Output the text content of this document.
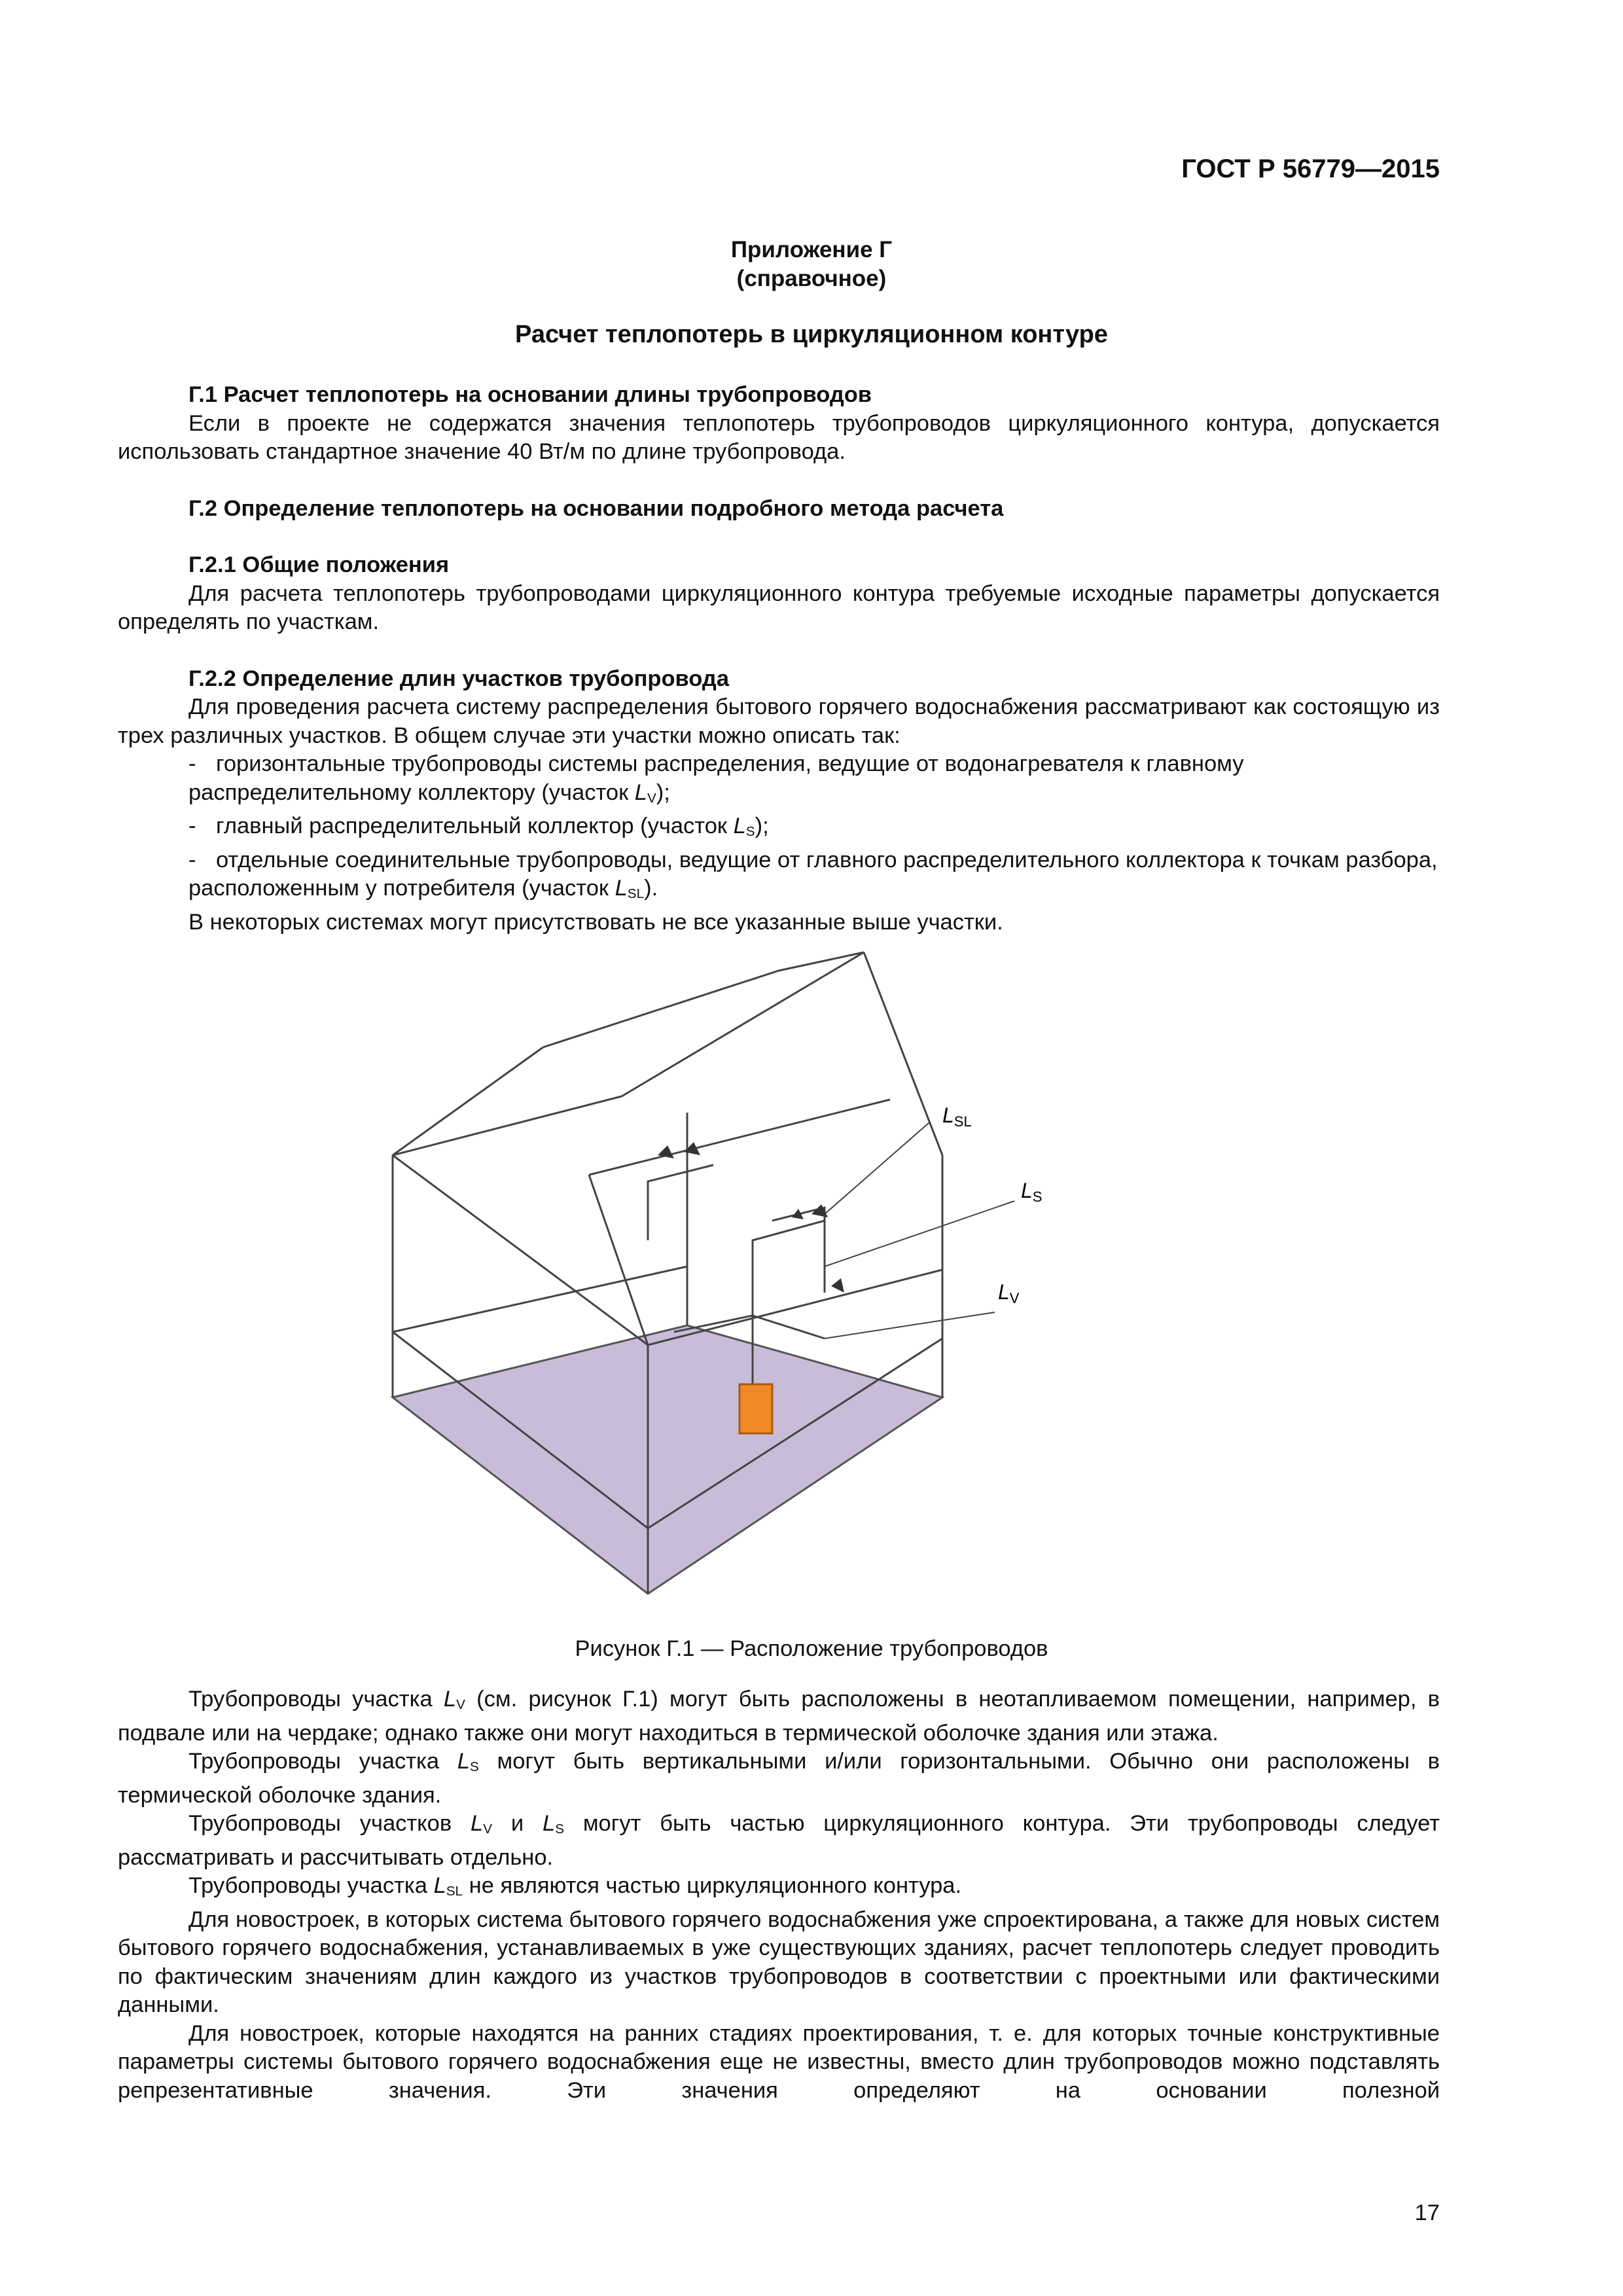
ГОСТ Р 56779—2015
Приложение Г
(справочное)
Расчет теплопотерь в циркуляционном контуре
Г.1 Расчет теплопотерь на основании длины трубопроводов

Если в проекте не содержатся значения теплопотерь трубопроводов циркуляционного контура, допускается использовать стандартное значение 40 Вт/м по длине трубопровода.

Г.2 Определение теплопотерь на основании подробного метода расчета
Г.2.1 Общие положения

Для расчета теплопотерь трубопроводами циркуляционного контура требуемые исходные параметры допускается определять по участкам.

Г.2.2 Определение длин участков трубопровода

Для проведения расчета систему распределения бытового горячего водоснабжения рассматривают как состоящую из трех различных участков. В общем случае эти участки можно описать так:

- горизонтальные трубопроводы системы распределения, ведущие от водонагревателя к главному распределительному коллектору (участок $L_V$);
- главный распределительный коллектор (участок $L_S$);
- отдельные соединительные трубопроводы, ведущие от главного распределительного коллектора к точкам разбора, расположенным у потребителя (участок $L_{SL}$).

В некоторых системах могут присутствовать не все указанные выше участки.

LSL
LS
LV
Рисунок Г.1 — Расположение трубопроводов

Трубопроводы участка $L_V$ (см. рисунок Г.1) могут быть расположены в неотапливаемом помещении, например, в подвале или на чердаке; однако также они могут находиться в термической оболочке здания или этажа.

Трубопроводы участка $L_S$ могут быть вертикальными и/или горизонтальными. Обычно они расположены в термической оболочке здания.

Трубопроводы участков $L_V$ и $L_S$ могут быть частью циркуляционного контура. Эти трубопроводы следует рассматривать и рассчитывать отдельно.

Трубопроводы участка $L_{SL}$ не являются частью циркуляционного контура.

Для новостроек, в которых система бытового горячего водоснабжения уже спроектирована, а также для новых систем бытового горячего водоснабжения, устанавливаемых в уже существующих зданиях, расчет теплопотерь следует проводить по фактическим значениям длин каждого из участков трубопроводов в соответствии с проектными или фактическими данными.

Для новостроек, которые находятся на ранних стадиях проектирования, т. е. для которых точные конструктивные параметры системы бытового горячего водоснабжения еще не известны, вместо длин трубопроводов можно подставлять репрезентативные значения. Эти значения определяют на основании полезной

17
